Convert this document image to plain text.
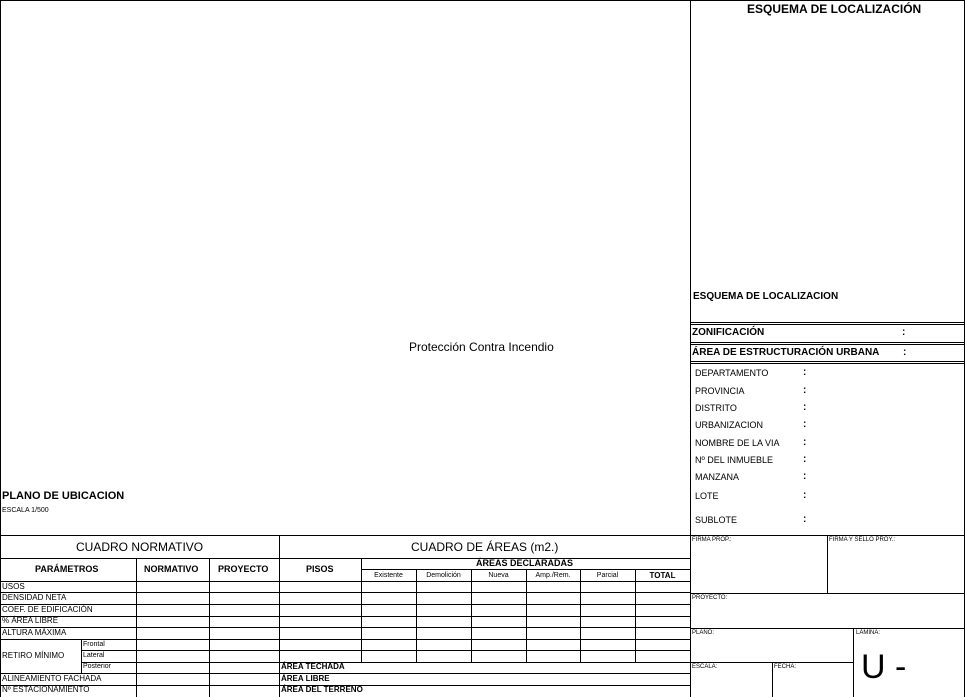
Protección Contra Incendio
PLANO DE UBICACION
ESCALA 1/500
ESQUEMA DE LOCALIZACIÓN
ESQUEMA DE LOCALIZACION
ZONIFICACIÓN	:
ÁREA DE ESTRUCTURACIÓN URBANA :
DEPARTAMENTO	:
PROVINCIA	:
DISTRITO	:
URBANIZACION	:
NOMBRE DE LA VIA :
Nº DEL INMUEBLE	:
MANZANA	:
LOTE	:
SUBLOTE	:
CUADRO NORMATIVO
PARÁMETROS	NORMATIVO PROYECTO
USOS
DENSIDAD NETA
COEF. DE EDIFICACIÓN
% ÁREA LIBRE
ALTURA MÁXIMA
RETIRO MÍNIMO
Frontal
Lateral
Posterior
ALINEAMIENTO FACHADA
Nº ESTACIONAMIENTO
CUADRO DE ÁREAS (m2.)
PISOS
ÁREAS DECLARADAS
Existente	Demolición	Nueva	Amp./Rem.	Parcial	TOTAL
ÁREA TECHADA
ÁREA LIBRE
ÁREA DEL TERRENO
FIRMA PROP.:	FIRMA Y SELLO PROY.:
PROYECTO:
PLANO:	LÁMINA:
ESCALA:	FECHA: U -
